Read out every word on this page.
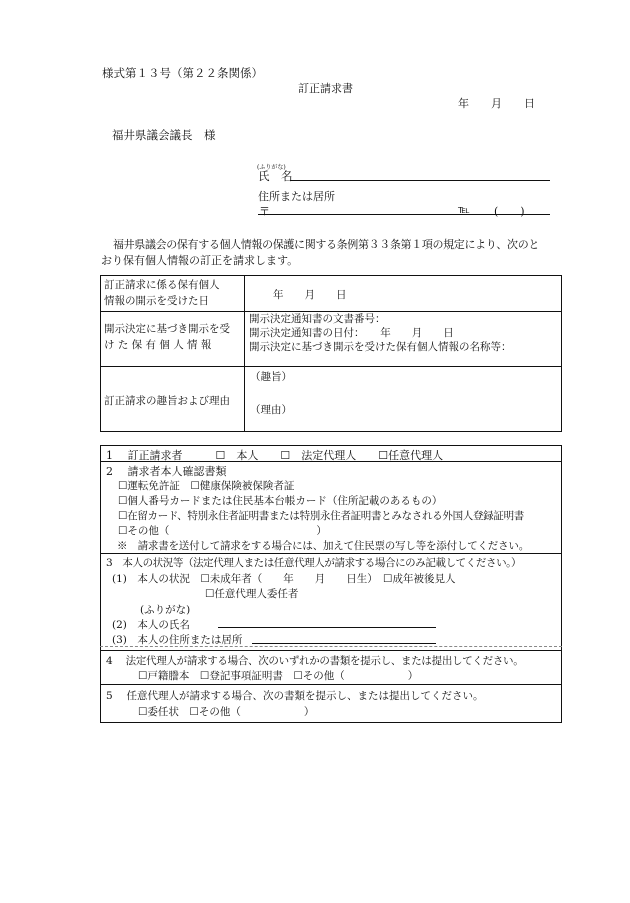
様式第１３号（第２２条関係）
訂正請求書
年　　月　　日
福井県議会議長　様
(ふりがな)
氏　名
住所または居所
〒	℡ (　　)
福井県議会の保有する個人情報の保護に関する条例第３３条第１項の規定により、次のと
おり保有個人情報の訂正を請求します。
訂正請求に係る保有個人
情報の開示を受けた日	年　　月　　日
開示決定に基づき開示を受
け た 保 有 個 人 情 報
開示決定通知書の文書番号：
開示決定通知書の日付：　　年　　月　　日
開示決定に基づき開示を受けた保有個人情報の名称等：
訂正請求の趣旨および理由
（趣旨）
（理由）
1　 訂正請求者　　　☐　本人　　☐　法定代理人　　☐任意代理人
2　 請求者本人確認書類
☐運転免許証　☐健康保険被保険者証
☐個人番号カードまたは住民基本台帳カード（住所記載のあるもの）
☐在留カード、特別永住者証明書または特別永住者証明書とみなされる外国人登録証明書
☐その他（　　　　　　　　　　　　　　）
※　請求書を送付して請求をする場合には、加えて住民票の写し等を添付してください。
3　本人の状況等（法定代理人または任意代理人が請求する場合にのみ記載してください。）
(1)　本人の状況　☐未成年者（　　年　　月　　日生）　☐成年被後見人
☐任意代理人委任者
(ふりがな)
(2)　本人の氏名
(3)　本人の住所または居所
4　 法定代理人が請求する場合、次のいずれかの書類を提示し、または提出してください。
☐戸籍謄本　☐登記事項証明書　☐その他（　　　　　　）
5　 任意代理人が請求する場合、次の書類を提示し、または提出してください。
☐委任状　☐その他（　　　　　　）
